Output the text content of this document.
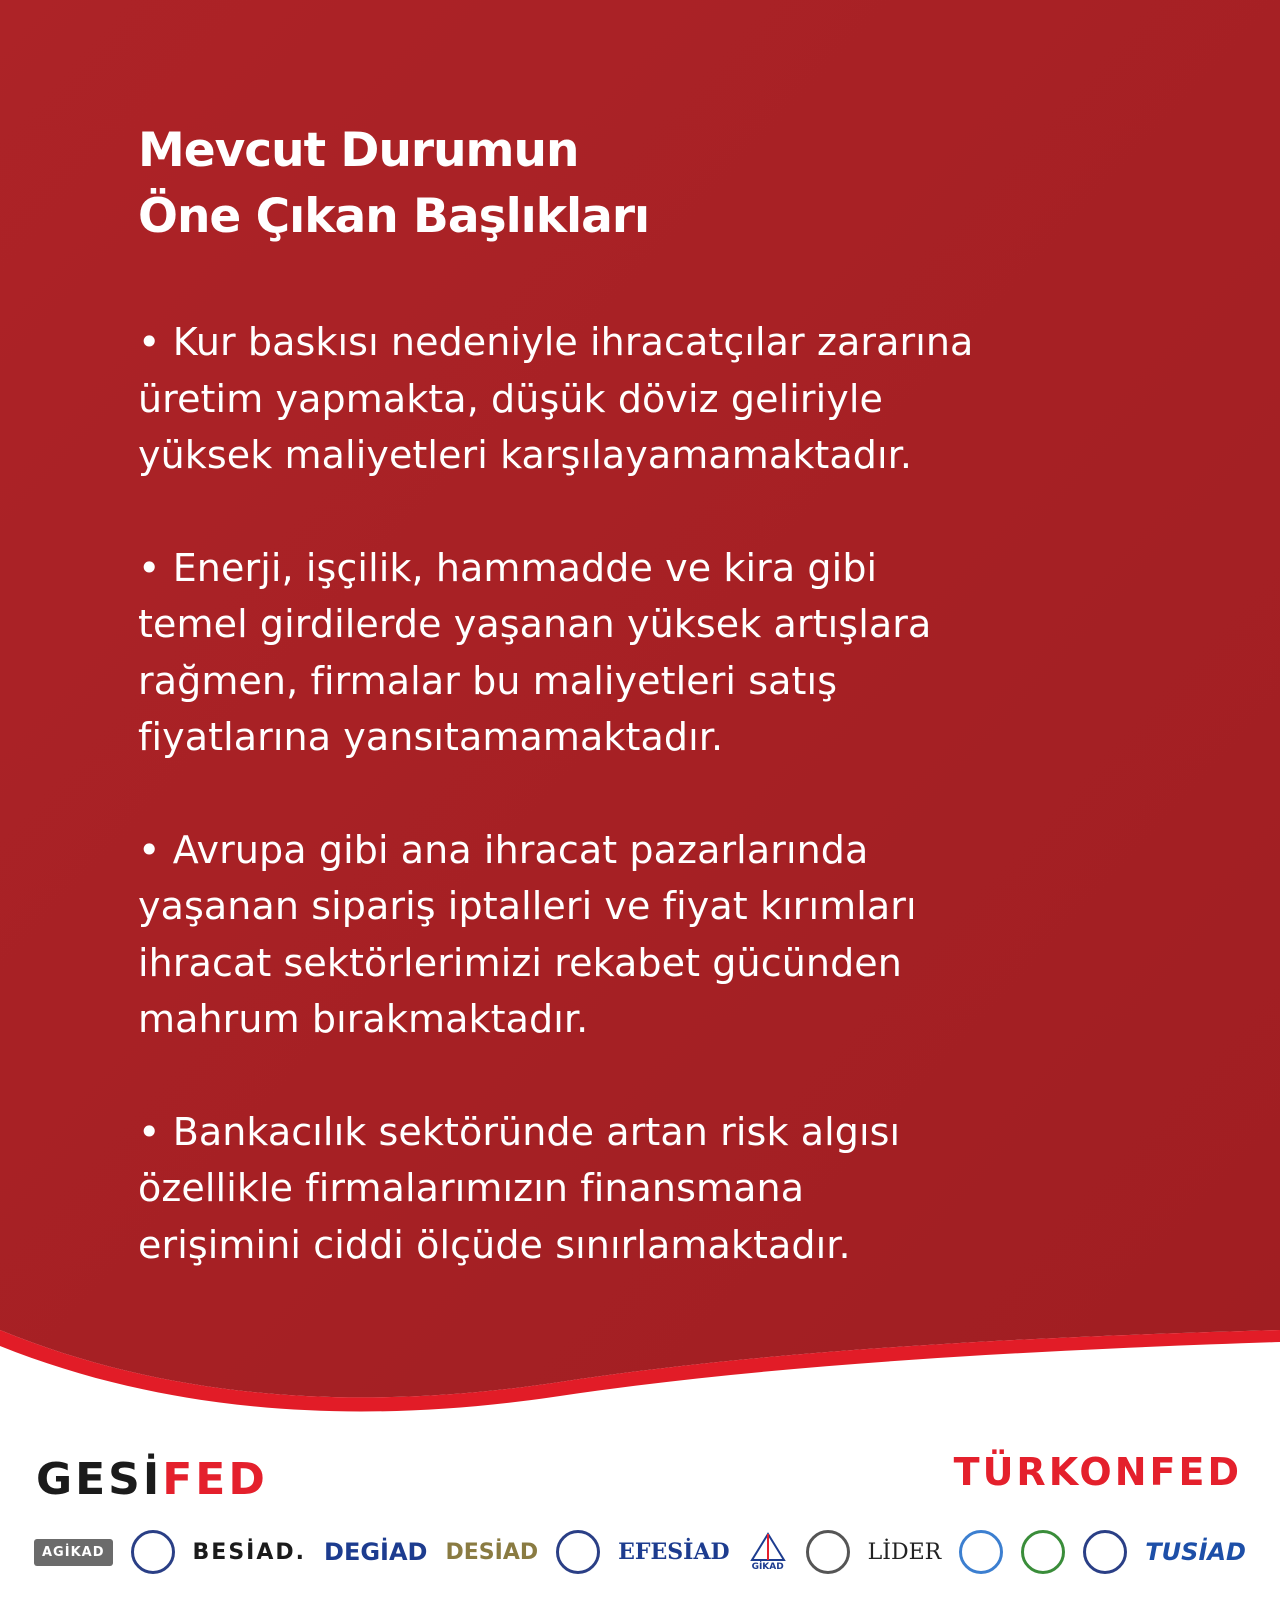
Mevcut Durumun
Öne Çıkan Başlıkları

• Kur baskısı nedeniyle ihracatçılar zararına
üretim yapmakta, düşük döviz geliriyle
yüksek maliyetleri karşılayamamaktadır.

• Enerji, işçilik, hammadde ve kira gibi
temel girdilerde yaşanan yüksek artışlara
rağmen, firmalar bu maliyetleri satış
fiyatlarına yansıtamamaktadır.

• Avrupa gibi ana ihracat pazarlarında
yaşanan sipariş iptalleri ve fiyat kırımları
ihracat sektörlerimizi rekabet gücünden
mahrum bırakmaktadır.

• Bankacılık sektöründe artan risk algısı
özellikle firmalarımızın finansmana
erişimini ciddi ölçüde sınırlamaktadır.

GESİFED	TÜRKONFED
AGİKAD	BESİAD. DEGİAD DESİAD	EFESİAD
GİKAD
LİDER	TUSİAD
